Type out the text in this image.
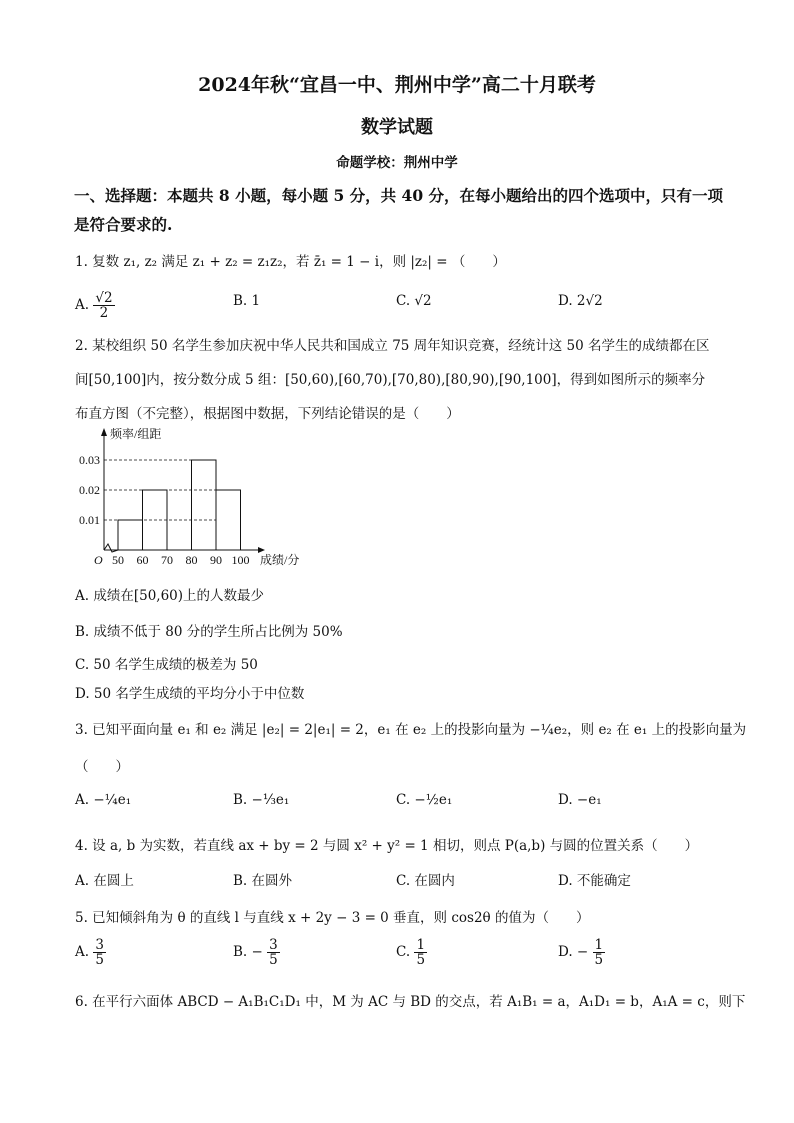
2024年秋“宜昌一中、荆州中学”高二十月联考
数学试题
命题学校：荆州中学
一、选择题：本题共 8 小题，每小题 5 分，共 40 分，在每小题给出的四个选项中，只有一项
是符合要求的.
1. 复数 z₁, z₂ 满足 z₁ + z₂ = z₁z₂，若 z̄₁ = 1 − i，则 |z₂| = （　　）
A. $\frac{√2}{2}$	B. 1	C. √2	D. 2√2
2. 某校组织 50 名学生参加庆祝中华人民共和国成立 75 周年知识竞赛，经统计这 50 名学生的成绩都在区
间[50,100]内，按分数分成 5 组：[50,60),[60,70),[70,80),[80,90),[90,100]，得到如图所示的频率分
布直方图（不完整），根据图中数据，下列结论错误的是（　　）
0.01
0.02
0.03
50 60 70 80 90 100
O
频率/组距
成绩/分
A. 成绩在[50,60)上的人数最少
B. 成绩不低于 80 分的学生所占比例为 50%
C. 50 名学生成绩的极差为 50
D. 50 名学生成绩的平均分小于中位数
3. 已知平面向量 e₁ 和 e₂ 满足 |e₂| = 2|e₁| = 2，e₁ 在 e₂ 上的投影向量为 −¼e₂，则 e₂ 在 e₁ 上的投影向量为
（　　）
A. −¼e₁	B. −⅓e₁	C. −½e₁	D. −e₁
4. 设 a, b 为实数，若直线 ax + by = 2 与圆 x² + y² = 1 相切，则点 P(a,b) 与圆的位置关系（　　）
A. 在圆上	B. 在圆外	C. 在圆内	D. 不能确定
5. 已知倾斜角为 θ 的直线 l 与直线 x + 2y − 3 = 0 垂直，则 cos2θ 的值为（　　）
A. $\frac{3}{5}$	B. − $\frac{3}{5}$	C. $\frac{1}{5}$	D. − $\frac{1}{5}$
6. 在平行六面体 ABCD − A₁B₁C₁D₁ 中，M 为 AC 与 BD 的交点，若 A₁B₁ = a，A₁D₁ = b，A₁A = c，则下
